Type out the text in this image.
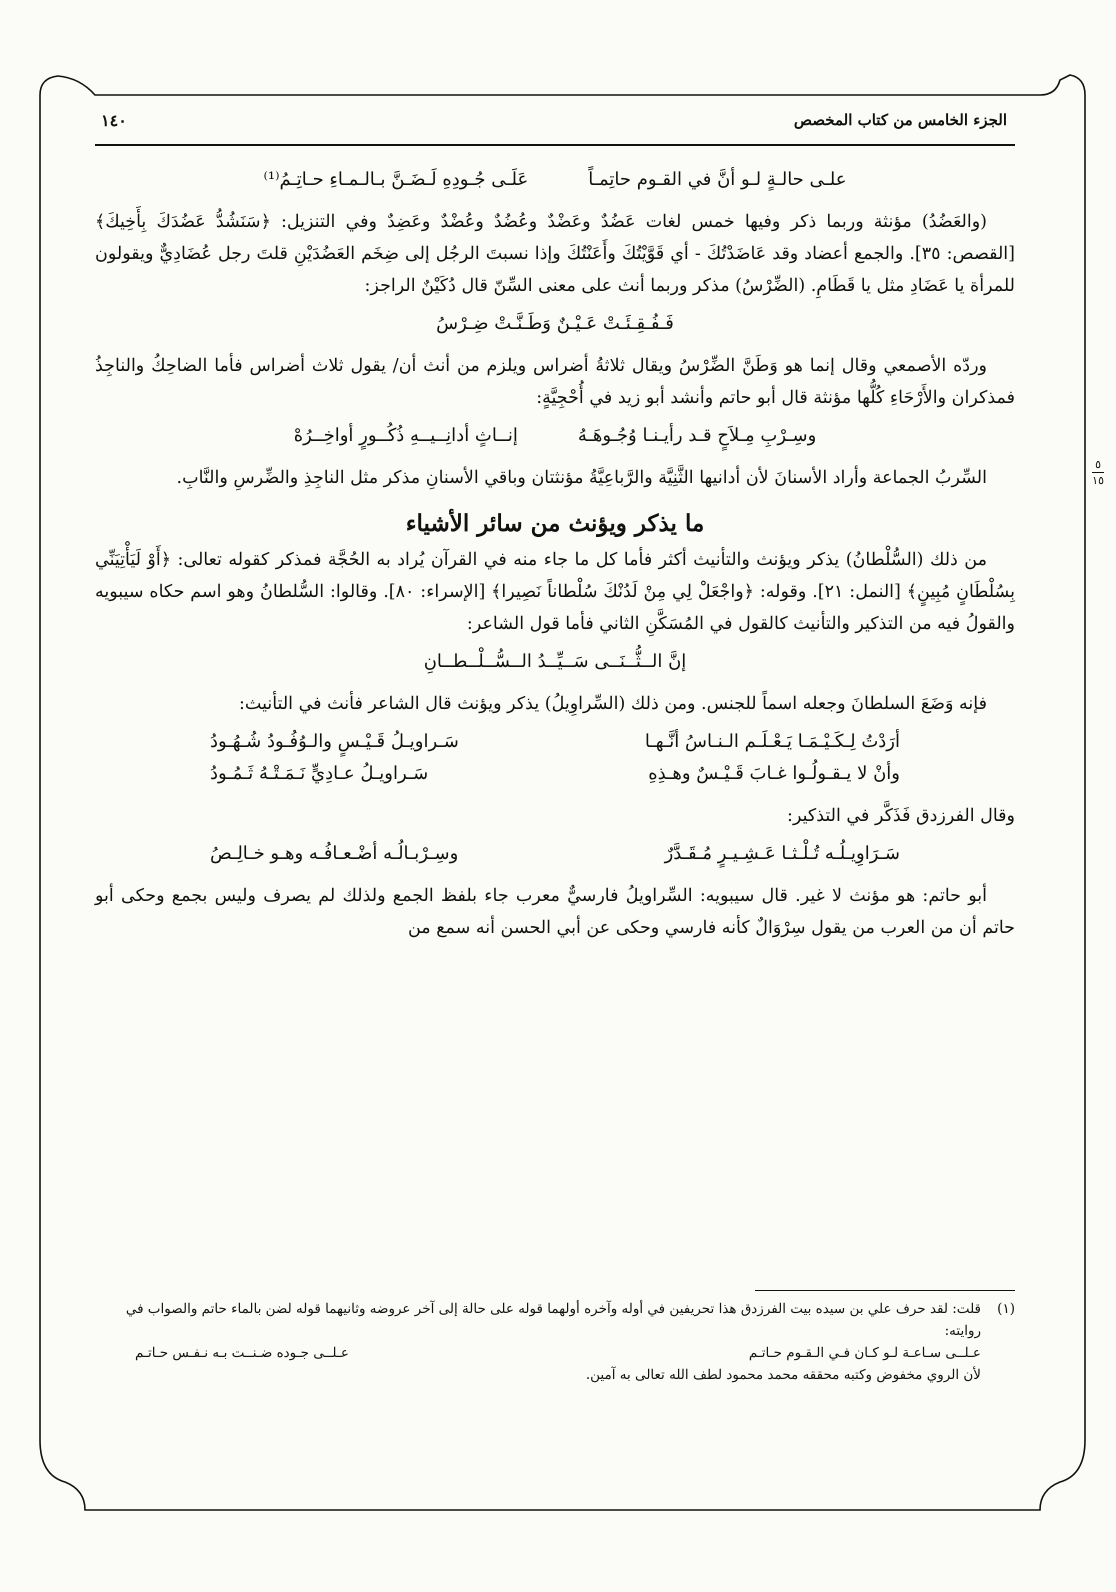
الجزء الخامس من كتاب المخصص
١٤٠
علـى حالـةٍ لـو أنَّ في القـوم حاتِمـاً
عَلَـى جُـودِهِ لَـضَـنَّ بـالـمـاءِ حـاتِـمُ⁽¹⁾

(والعَضُدُ) مؤنثة وربما ذكر وفيها خمس لغات عَضُدٌ وعَضْدٌ وعُضُدٌ وعُضْدٌ وعَضِدٌ وفي التنزيل: ﴿سَنَشُدُّ عَضُدَكَ بِأَخِيكَ﴾ [القصص: ٣٥]. والجمع أعضاد وقد عَاضَدْتُكَ - أي قَوَّيْتُكَ وأَعَنْتُكَ وإذا نسبتَ الرجُل إلى ضِخَم العَضُدَيْنِ قلتَ رجل عُضَادِيٌّ ويقولون للمرأة يا عَضَادِ مثل يا قَطَامِ. (الضِّرْسُ) مذكر وربما أنث على معنى السِّنّ قال دُكَيْنٌ الراجز:

فَـفُـقِـئَـتْ عَـيْـنٌ وَطَـنَّـتْ ضِـرْسُ

وردّه الأصمعي وقال إنما هو وَطَنَّ الضِّرْسُ ويقال ثلاثةُ أضراس ويلزم من أنث أن/ يقول ثلاث أضراس فأما الضاحِكُ والناجِذُ فمذكران والأَرْحَاءِ كُلُّها مؤنثة قال أبو حاتم وأنشد أبو زيد في أُحْجِيَّةٍ:

وسِـرْبِ مِـلاَحٍ قـد رأيـنـا وُجُـوهَـهُ
إنــاثٍ أدانِــيــهِ ذُكُــورٍ أواخِــرُهْ

السِّربُ الجماعة وأراد الأسنانَ لأن أدانيها الثَّنِيَّة والرَّباعِيَّةُ مؤنثتان وباقي الأسنانِ مذكر مثل الناجِذِ والضِّرسِ والنَّابِ.

ما يذكر ويؤنث من سائر الأشياء

من ذلك (السُّلْطانُ) يذكر ويؤنث والتأنيث أكثر فأما كل ما جاء منه في القرآن يُراد به الحُجَّة فمذكر كقوله تعالى: ﴿أَوْ لَيَأْتِيَنِّي بِسُلْطَانٍ مُبِينٍ﴾ [النمل: ٢١]. وقوله: ﴿واجْعَلْ لِي مِنْ لَدُنْكَ سُلْطاناً نَصِيرا﴾ [الإسراء: ٨٠]. وقالوا: السُّلطانُ وهو اسم حكاه سيبويه والقولُ فيه من التذكير والتأنيث كالقول في المُسَكَّنِ الثاني فأما قول الشاعر:

إنَّ الــثُّــنَــى سَــيِّــدُ الــسُّــلْــطــانِ

فإنه وَضَعَ السلطانَ وجعله اسماً للجنس. ومن ذلك (السِّراوِيلُ) يذكر ويؤنث قال الشاعر فأنث في التأنيث:

أرَدْتُ لِـكَـيْـمَـا يَـعْـلَـم الـنـاسُ أنَّـهـا
سَـراويـلُ قَـيْـسٍ والـوُفُـودُ شُـهُـودُ
وأنْ لا يـقـولُـوا غـابَ قَـيْـسٌ وهـذِهِ
سَـراويـلُ عـادِيٍّ نَـمَـتْـهُ ثَـمُـودُ

وقال الفرزدق فَذَكَّر في التذكير:

سَـرَاوِيـلُـه تُـلْـثـا عَـشِـيـرٍ مُـقَـدَّرٌ
وسِـرْبـالُـه أضْـعـافُـه وهـو خـالِـصُ

أبو حاتم: هو مؤنث لا غير. قال سيبويه: السِّراويلُ فارسيٌّ معرب جاء بلفظ الجمع ولذلك لم يصرف وليس بجمع وحكى أبو حاتم أن من العرب من يقول سِرْوَالٌ كأنه فارسي وحكى عن أبي الحسن أنه سمع من

(١)
قلت: لقد حرف علي بن سيده بيت الفرزدق هذا تحريفين في أوله وآخره أولهما قوله على حالة إلى آخر عروضه وثانيهما قوله لضن بالماء حاتم والصواب في روايته:
عـلــى سـاعـة لـو كـان فـي الـقـوم حـاتـم
عـلــى جـوده ضـنــت بـه نـفـس حـاتـم
لأن الروي مخفوض وكتبه محققه محمد محمود لطف الله تعالى به آمين.
٥
١٥
